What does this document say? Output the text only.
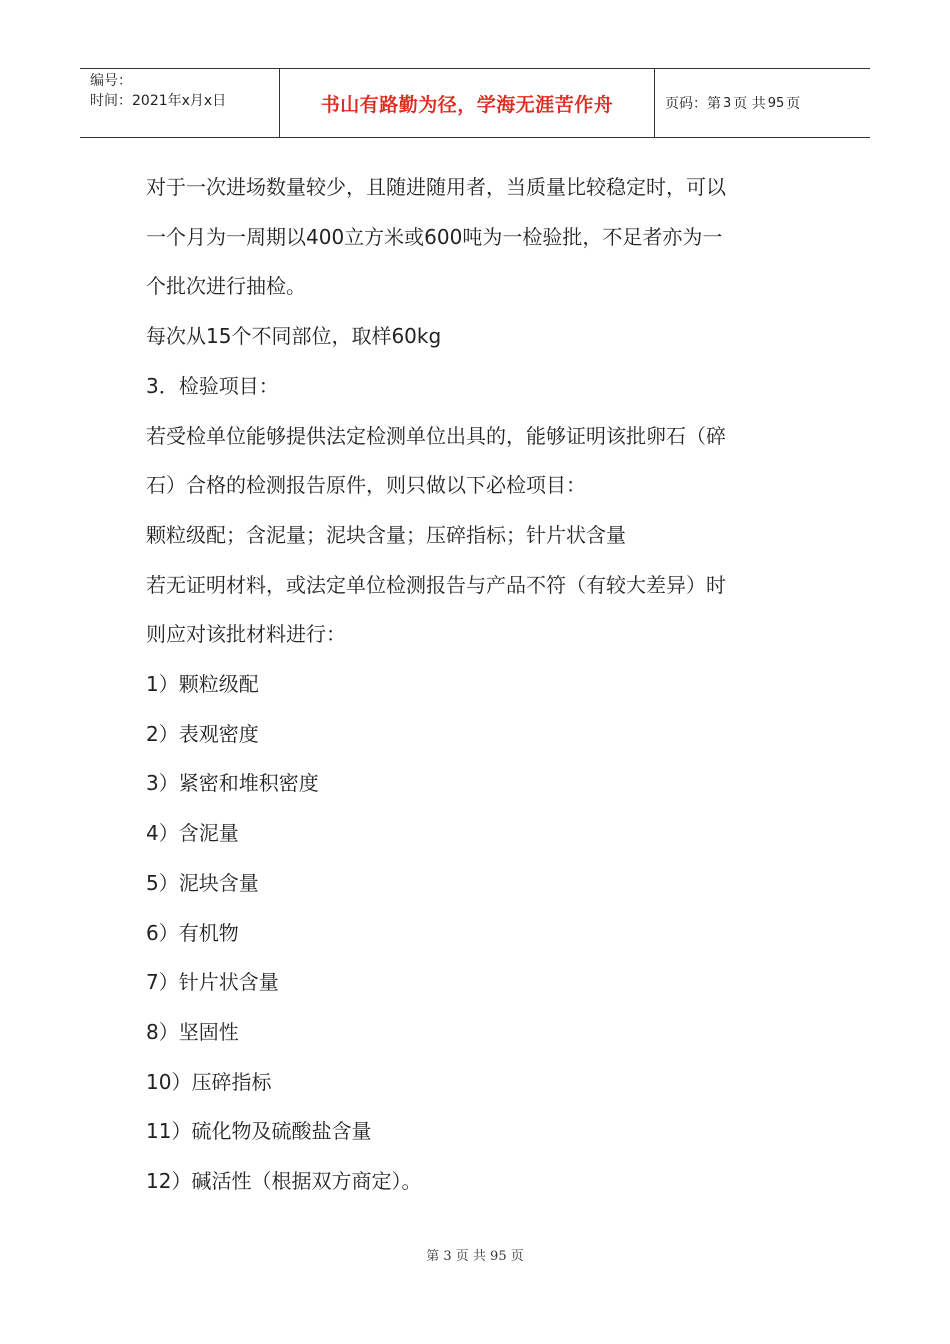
编号：
时间：2021年x月x日	书山有路勤为径，学海无涯苦作舟	页码：第 3 页 共 95 页

对于一次进场数量较少，且随进随用者，当质量比较稳定时，可以

一个月为一周期以400立方米或600吨为一检验批，不足者亦为一

个批次进行抽检。

每次从15个不同部位，取样60kg

3．检验项目：

若受检单位能够提供法定检测单位出具的，能够证明该批卵石（碎

石）合格的检测报告原件，则只做以下必检项目：

颗粒级配；含泥量；泥块含量；压碎指标；针片状含量

若无证明材料，或法定单位检测报告与产品不符（有较大差异）时

则应对该批材料进行：

1）颗粒级配

2）表观密度

3）紧密和堆积密度

4）含泥量

5）泥块含量

6）有机物

7）针片状含量

8）坚固性

10）压碎指标

11）硫化物及硫酸盐含量

12）碱活性（根据双方商定）。

第 3 页 共 95 页
